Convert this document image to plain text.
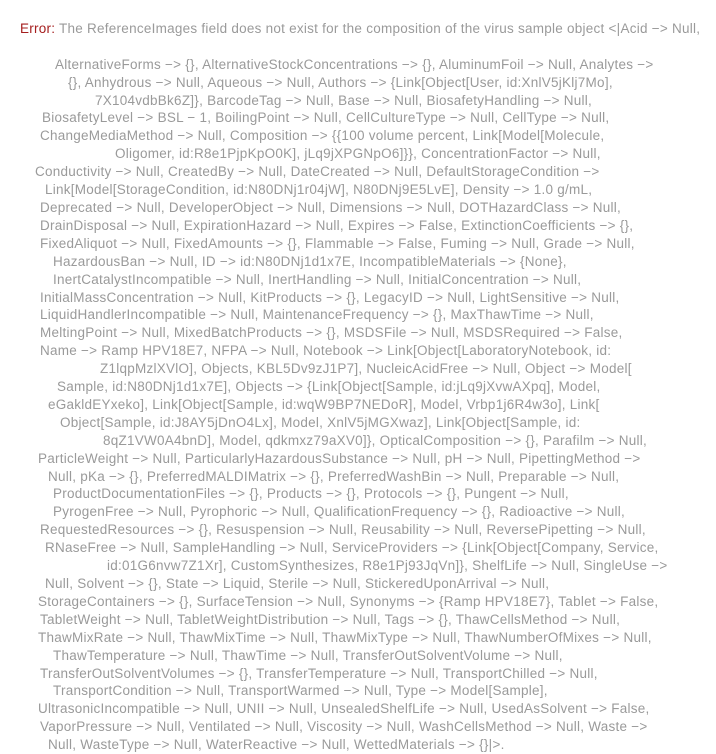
Error: The ReferenceImages field does not exist for the composition of the virus sample object <|Acid −> Null,

AlternativeForms −> {}, AlternativeStockConcentrations −> {}, AluminumFoil −> Null, Analytes −>
{}, Anhydrous −> Null, Aqueous −> Null, Authors −> {Link[Object[User, id:XnlV5jKlj7Mo],
7X104vdbBk6Z]}, BarcodeTag −> Null, Base −> Null, BiosafetyHandling −> Null,
BiosafetyLevel −> BSL − 1, BoilingPoint −> Null, CellCultureType −> Null, CellType −> Null,
ChangeMediaMethod −> Null, Composition −> {{100 volume percent, Link[Model[Molecule,
Oligomer, id:R8e1PjpKpO0K], jLq9jXPGNpO6]}}, ConcentrationFactor −> Null,
Conductivity −> Null, CreatedBy −> Null, DateCreated −> Null, DefaultStorageCondition −>
Link[Model[StorageCondition, id:N80DNj1r04jW], N80DNj9E5LvE], Density −> 1.0 g/mL,
Deprecated −> Null, DeveloperObject −> Null, Dimensions −> Null, DOTHazardClass −> Null,
DrainDisposal −> Null, ExpirationHazard −> Null, Expires −> False, ExtinctionCoefficients −> {},
FixedAliquot −> Null, FixedAmounts −> {}, Flammable −> False, Fuming −> Null, Grade −> Null,
HazardousBan −> Null, ID −> id:N80DNj1d1x7E, IncompatibleMaterials −> {None},
InertCatalystIncompatible −> Null, InertHandling −> Null, InitialConcentration −> Null,
InitialMassConcentration −> Null, KitProducts −> {}, LegacyID −> Null, LightSensitive −> Null,
LiquidHandlerIncompatible −> Null, MaintenanceFrequency −> {}, MaxThawTime −> Null,
MeltingPoint −> Null, MixedBatchProducts −> {}, MSDSFile −> Null, MSDSRequired −> False,
Name −> Ramp HPV18E7, NFPA −> Null, Notebook −> Link[Object[LaboratoryNotebook, id:
Z1lqpMzlXVlO], Objects, KBL5Dv9zJ1P7], NucleicAcidFree −> Null, Object −> Model[
Sample, id:N80DNj1d1x7E], Objects −> {Link[Object[Sample, id:jLq9jXvwAXpq], Model,
eGakldEYxeko], Link[Object[Sample, id:wqW9BP7NEDoR], Model, Vrbp1j6R4w3o], Link[
Object[Sample, id:J8AY5jDnO4Lx], Model, XnlV5jMGXwaz], Link[Object[Sample, id:
8qZ1VW0A4bnD], Model, qdkmxz79aXV0]}, OpticalComposition −> {}, Parafilm −> Null,
ParticleWeight −> Null, ParticularlyHazardousSubstance −> Null, pH −> Null, PipettingMethod −>
Null, pKa −> {}, PreferredMALDIMatrix −> {}, PreferredWashBin −> Null, Preparable −> Null,
ProductDocumentationFiles −> {}, Products −> {}, Protocols −> {}, Pungent −> Null,
PyrogenFree −> Null, Pyrophoric −> Null, QualificationFrequency −> {}, Radioactive −> Null,
RequestedResources −> {}, Resuspension −> Null, Reusability −> Null, ReversePipetting −> Null,
RNaseFree −> Null, SampleHandling −> Null, ServiceProviders −> {Link[Object[Company, Service,
id:01G6nvw7Z1Xr], CustomSynthesizes, R8e1Pj93JqVn]}, ShelfLife −> Null, SingleUse −>
Null, Solvent −> {}, State −> Liquid, Sterile −> Null, StickeredUponArrival −> Null,
StorageContainers −> {}, SurfaceTension −> Null, Synonyms −> {Ramp HPV18E7}, Tablet −> False,
TabletWeight −> Null, TabletWeightDistribution −> Null, Tags −> {}, ThawCellsMethod −> Null,
ThawMixRate −> Null, ThawMixTime −> Null, ThawMixType −> Null, ThawNumberOfMixes −> Null,
ThawTemperature −> Null, ThawTime −> Null, TransferOutSolventVolume −> Null,
TransferOutSolventVolumes −> {}, TransferTemperature −> Null, TransportChilled −> Null,
TransportCondition −> Null, TransportWarmed −> Null, Type −> Model[Sample],
UltrasonicIncompatible −> Null, UNII −> Null, UnsealedShelfLife −> Null, UsedAsSolvent −> False,
VaporPressure −> Null, Ventilated −> Null, Viscosity −> Null, WashCellsMethod −> Null, Waste −>
Null, WasteType −> Null, WaterReactive −> Null, WettedMaterials −> {}|>.
